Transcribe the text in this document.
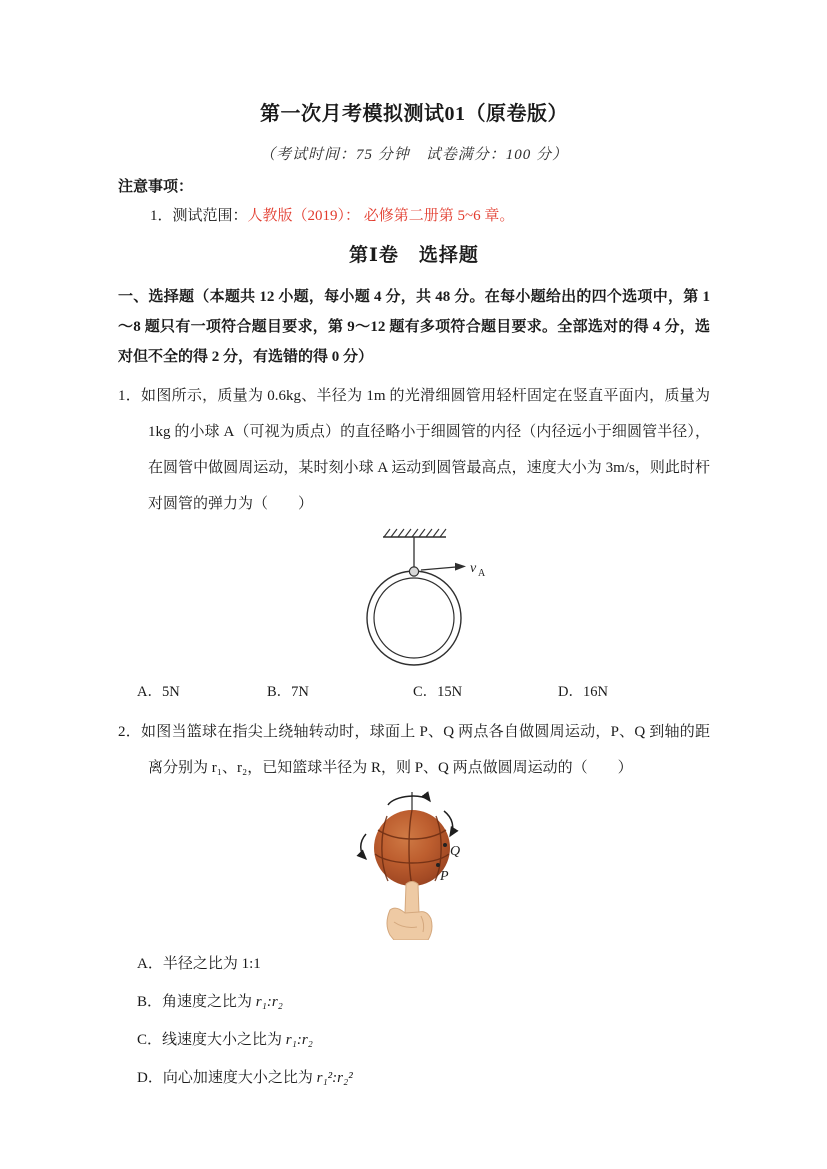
第一次月考模拟测试01（原卷版）
（考试时间：75 分钟　试卷满分：100 分）
注意事项：
1．测试范围：人教版（2019）： 必修第二册第 5~6 章。
第Ⅰ卷　选择题
一、选择题（本题共 12 小题，每小题 4 分，共 48 分。在每小题给出的四个选项中，第 1～8 题只有一项符合题目要求，第 9～12 题有多项符合题目要求。全部选对的得 4 分，选对但不全的得 2 分，有选错的得 0 分）
1．如图所示，质量为 0.6kg、半径为 1m 的光滑细圆管用轻杆固定在竖直平面内，质量为 1kg 的小球 A（可视为质点）的直径略小于细圆管的内径（内径远小于细圆管半径），在圆管中做圆周运动，某时刻小球 A 运动到圆管最高点，速度大小为 3m/s，则此时杆对圆管的弹力为（　　）
v A
A．5N	B．7N	C．15N	D．16N
2．如图当篮球在指尖上绕轴转动时，球面上 P、Q 两点各自做圆周运动，P、Q 到轴的距离分别为 r₁、r₂，已知篮球半径为 R，则 P、Q 两点做圆周运动的（　　）
Q
P
A．半径之比为 1:1
B．角速度之比为 r₁:r₂
C．线速度大小之比为 r₁:r₂
D．向心加速度大小之比为 r₁²:r₂²
